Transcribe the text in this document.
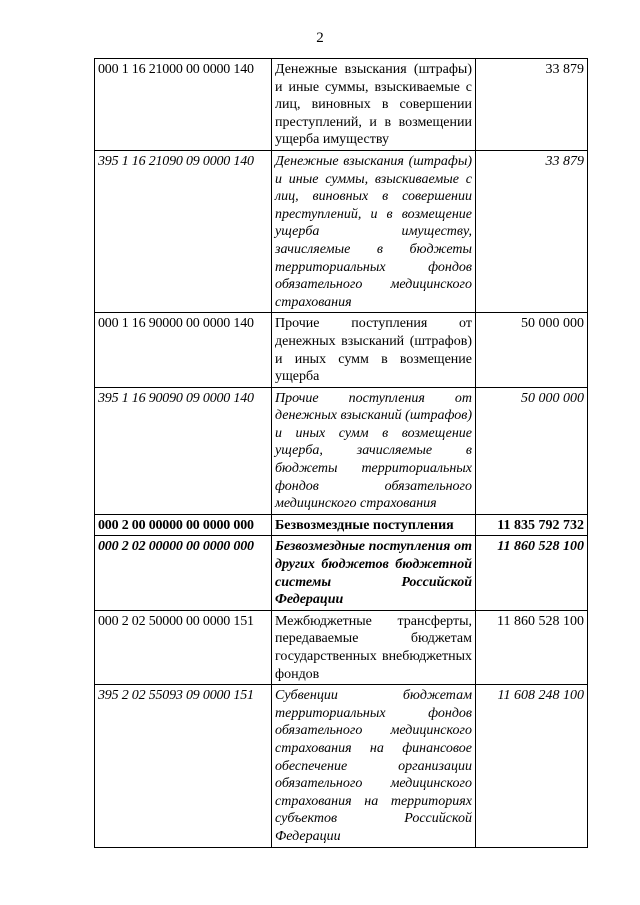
2
000 1 16 21000 00 0000 140	Денежные взыскания (штрафы) и иные суммы, взыскиваемые с лиц, виновных в совершении преступлений, и в возмещении ущерба имуществу	33 879
395 1 16 21090 09 0000 140	Денежные взыскания (штрафы) и иные суммы, взыскиваемые с лиц, виновных в совершении преступлений, и в возмещение ущерба имуществу, зачисляемые в бюджеты территориальных фондов обязательного медицинского страхования	33 879
000 1 16 90000 00 0000 140	Прочие поступления от денежных взысканий (штрафов) и иных сумм в возмещение ущерба	50 000 000
395 1 16 90090 09 0000 140	Прочие поступления от денежных взысканий (штрафов) и иных сумм в возмещение ущерба, зачисляемые в бюджеты территориальных фондов обязательного медицинского страхования	50 000 000
000 2 00 00000 00 0000 000	Безвозмездные поступления	11 835 792 732
000 2 02 00000 00 0000 000	Безвозмездные поступления от других бюджетов бюджетной системы Российской Федерации	11 860 528 100
000 2 02 50000 00 0000 151	Межбюджетные трансферты, передаваемые бюджетам государственных внебюджетных фондов	11 860 528 100
395 2 02 55093 09 0000 151	Субвенции бюджетам территориальных фондов обязательного медицинского страхования на финансовое обеспечение организации обязательного медицинского страхования на территориях субъектов Российской Федерации	11 608 248 100
